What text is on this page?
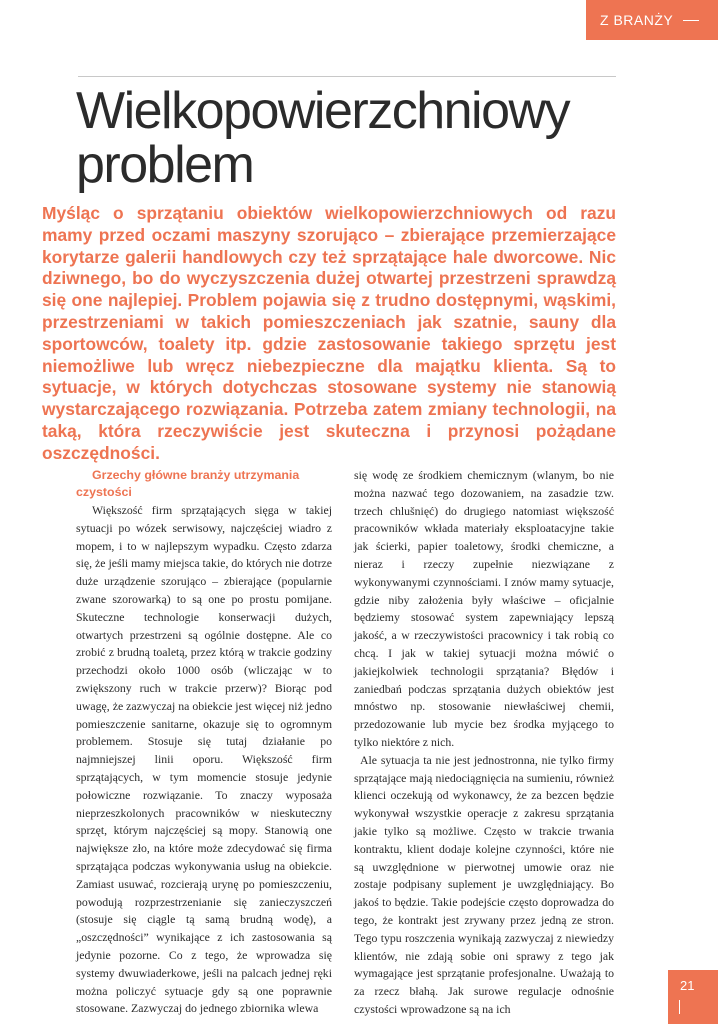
Z BRANŻY
Wielkopowierzchniowy problem

Myśląc o sprzątaniu obiektów wielkopowierzchniowych od razu mamy przed oczami maszyny szorująco – zbierające przemierzające korytarze galerii handlowych czy też sprzątające hale dworcowe. Nic dziwnego, bo do wyczyszczenia dużej otwartej przestrzeni sprawdzą się one najlepiej. Problem pojawia się z trudno dostępnymi, wąskimi, przestrzeniami w takich pomieszczeniach jak szatnie, sauny dla sportowców, toalety itp. gdzie zastosowanie takiego sprzętu jest niemożliwe lub wręcz niebezpieczne dla majątku klienta. Są to sytuacje, w których dotychczas stosowane systemy nie stanowią wystarczającego rozwiązania. Potrzeba zatem zmiany technologii, na taką, która rzeczywiście jest skuteczna i przynosi pożądane oszczędności.

Grzechy główne branży utrzymania czystości

Większość firm sprzątających sięga w takiej sytuacji po wózek serwisowy, najczęściej wiadro z mopem, i to w najlepszym wypadku. Często zdarza się, że jeśli mamy miejsca takie, do których nie dotrze duże urządzenie szorująco – zbierające (popularnie zwane szorowarką) to są one po prostu pomijane. Skuteczne technologie konserwacji dużych, otwartych przestrzeni są ogólnie dostępne. Ale co zrobić z brudną toaletą, przez którą w trakcie godziny przechodzi około 1000 osób (wliczając w to zwiększony ruch w trakcie przerw)? Biorąc pod uwagę, że zazwyczaj na obiekcie jest więcej niż jedno pomieszczenie sanitarne, okazuje się to ogromnym problemem. Stosuje się tutaj działanie po najmniejszej linii oporu. Większość firm sprzątających, w tym momencie stosuje jedynie połowiczne rozwiązanie. To znaczy wyposaża nieprzeszkolonych pracowników w nieskuteczny sprzęt, którym najczęściej są mopy. Stanowią one największe zło, na które może zdecydować się firma sprzątająca podczas wykonywania usług na obiekcie. Zamiast usuwać, rozcierają urynę po pomieszczeniu, powodują rozprzestrzenianie się zanieczyszczeń (stosuje się ciągle tą samą brudną wodę), a „oszczędności” wynikające z ich zastosowania są jedynie pozorne. Co z tego, że wprowadza się systemy dwuwiaderkowe, jeśli na palcach jednej ręki można policzyć sytuacje gdy są one poprawnie stosowane. Zazwyczaj do jednego zbiornika wlewa

się wodę ze środkiem chemicznym (wlanym, bo nie można nazwać tego dozowaniem, na zasadzie tzw. trzech chlušnięć) do drugiego natomiast większość pracowników wkłada materiały eksploatacyjne takie jak ścierki, papier toaletowy, środki chemiczne, a nieraz i rzeczy zupełnie niezwiązane z wykonywanymi czynnościami. I znów mamy sytuacje, gdzie niby założenia były właściwe – oficjalnie będziemy stosować system zapewniający lepszą jakość, a w rzeczywistości pracownicy i tak robią co chcą. I jak w takiej sytuacji można mówić o jakiejkolwiek technologii sprzątania? Błędów i zaniedbań podczas sprzątania dużych obiektów jest mnóstwo np. stosowanie niewłaściwej chemii, przedozowanie lub mycie bez środka myjącego to tylko niektóre z nich.

Ale sytuacja ta nie jest jednostronna, nie tylko firmy sprzątające mają niedociągnięcia na sumieniu, również klienci oczekują od wykonawcy, że za bezcen będzie wykonywał wszystkie operacje z zakresu sprzątania jakie tylko są możliwe. Często w trakcie trwania kontraktu, klient dodaje kolejne czynności, które nie są uwzględnione w pierwotnej umowie oraz nie zostaje podpisany suplement je uwzględniający. Bo jakoś to będzie. Takie podejście często doprowadza do tego, że kontrakt jest zrywany przez jedną ze stron. Tego typu roszczenia wynikają zazwyczaj z niewiedzy klientów, nie zdają sobie oni sprawy z tego jak wymagające jest sprzątanie profesjonalne. Uważają to za rzecz błahą. Jak surowe regulacje odnośnie czystości wprowadzone są na ich

21
